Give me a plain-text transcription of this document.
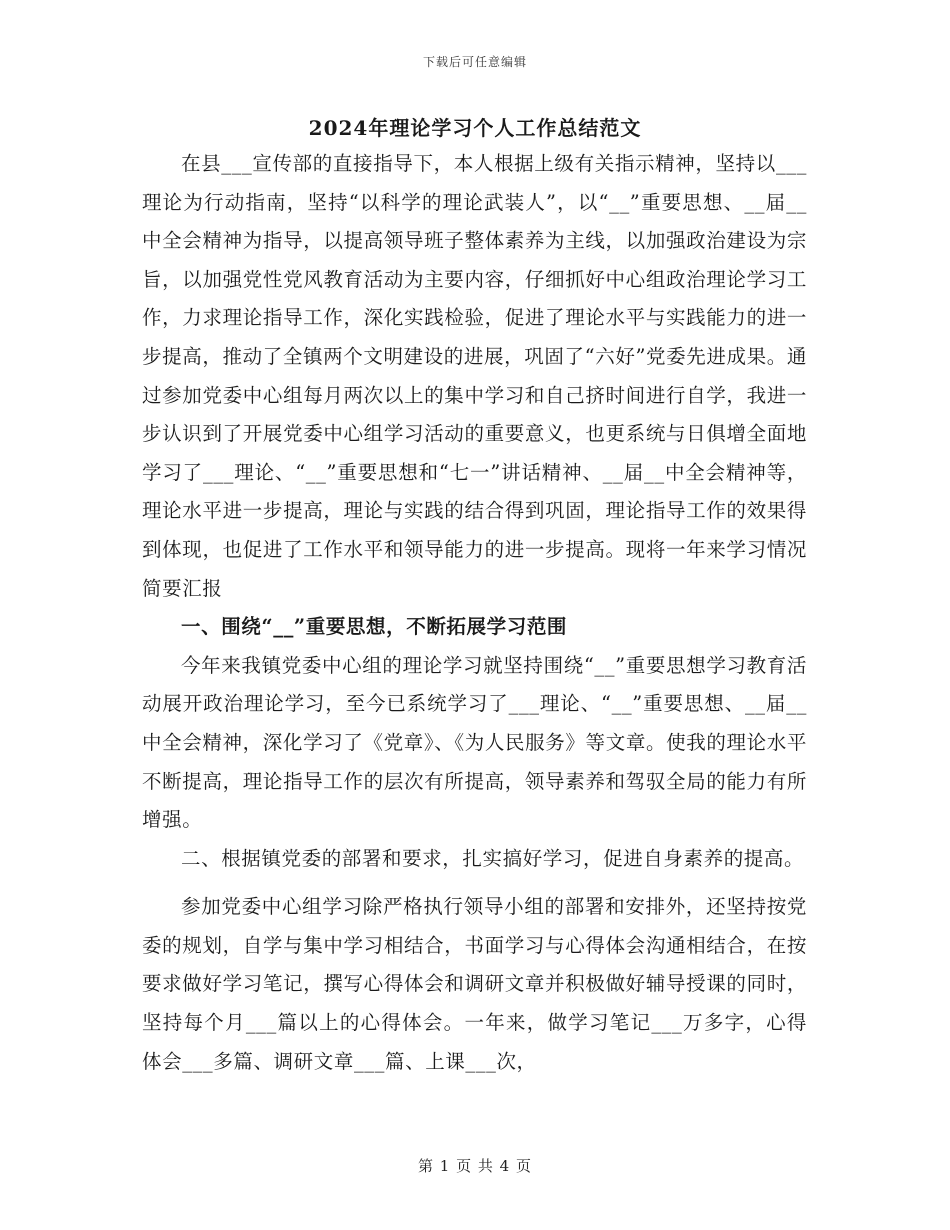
下载后可任意编辑
2024年理论学习个人工作总结范文

在县___宣传部的直接指导下，本人根据上级有关指示精神，坚持以___理论为行动指南，坚持“以科学的理论武装人”，以“__”重要思想、__届__中全会精神为指导，以提高领导班子整体素养为主线，以加强政治建设为宗旨，以加强党性党风教育活动为主要内容，仔细抓好中心组政治理论学习工作，力求理论指导工作，深化实践检验，促进了理论水平与实践能力的进一步提高，推动了全镇两个文明建设的进展，巩固了“六好”党委先进成果。通过参加党委中心组每月两次以上的集中学习和自己挤时间进行自学，我进一步认识到了开展党委中心组学习活动的重要意义，也更系统与日俱增全面地学习了___理论、“__”重要思想和“七一”讲话精神、__届__中全会精神等，理论水平进一步提高，理论与实践的结合得到巩固，理论指导工作的效果得到体现，也促进了工作水平和领导能力的进一步提高。现将一年来学习情况简要汇报

一、围绕“__”重要思想，不断拓展学习范围

今年来我镇党委中心组的理论学习就坚持围绕“__”重要思想学习教育活动展开政治理论学习，至今已系统学习了___理论、“__”重要思想、__届__中全会精神，深化学习了《党章》、《为人民服务》等文章。使我的理论水平不断提高，理论指导工作的层次有所提高，领导素养和驾驭全局的能力有所增强。

二、根据镇党委的部署和要求，扎实搞好学习，促进自身素养的提高。

参加党委中心组学习除严格执行领导小组的部署和安排外，还坚持按党委的规划，自学与集中学习相结合，书面学习与心得体会沟通相结合，在按要求做好学习笔记，撰写心得体会和调研文章并积极做好辅导授课的同时，坚持每个月___篇以上的心得体会。一年来，做学习笔记___万多字，心得体会___多篇、调研文章___篇、上课___次，

第 1 页 共 4 页
